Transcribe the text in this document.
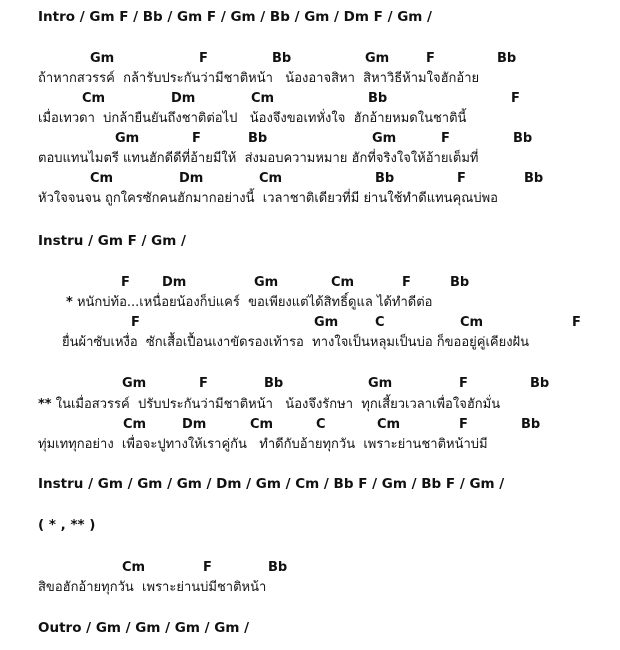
Intro / Gm F / Bb / Gm F / Gm / Bb / Gm / Dm F / Gm /
Gm	F	Bb	Gm	F	Bb
ถ้าหากสวรรค์  กล้ารับประกันว่ามีชาติหน้า   น้องอาจสิหา  สิหาวิธีห้ามใจฮักอ้าย
Cm	Dm	Cm	Bb	F
เมื่อเทวดา  บ่กล้ายืนยันถึงชาติต่อไป   น้องจึงขอเทหั่งใจ  ฮักอ้ายหมดในชาตินี้
Gm	F	Bb	Gm	F	Bb
ตอบแทนไมตรี แทนฮักดีดีที่อ้ายมีให้  ส่งมอบความหมาย ฮักที่จริงใจให้อ้ายเต็มที่
Cm	Dm	Cm	Bb	F	Bb
หัวใจจนจน ถูกใครซักคนฮักมากอย่างนี้  เวลาชาติเดียวที่มี ย่านใช้ทำดีแทนคุณบ่พอ
Instru / Gm F / Gm /
F Dm	Gm	Cm	F	Bb
* หนักบ่ท้อ...เหนื่อยน้องก็บ่แคร์  ขอเพียงแต่ได้สิทธิ์ดูแล ได้ทำดีต่อ
F	Gm	C	Cm	F
ยื่นผ้าซับเหงื่อ  ซักเสื้อเปื้อนเงาขัดรองเท้ารอ  ทางใจเป็นหลุมเป็นบ่อ ก็ขออยู่คู่เคียงฝัน
Gm	F	Bb	Gm	F	Bb
** ในเมื่อสวรรค์  ปรับประกันว่ามีชาติหน้า   น้องจึงรักษา  ทุกเสี้ยวเวลาเพื่อใจฮักมั่น
Cm	Dm	Cm	C	Cm	F	Bb
ทุ่มเททุกอย่าง  เพื่อจะปูทางให้เราคู่กัน   ทำดีกับอ้ายทุกวัน  เพราะย่านชาติหน้าบ่มี
Instru / Gm / Gm / Gm / Dm / Gm / Cm / Bb F / Gm / Bb F / Gm /
( * , ** )
Cm	F	Bb
สิขอฮักอ้ายทุกวัน  เพราะย่านบ่มีชาติหน้า
Outro / Gm / Gm / Gm / Gm /
